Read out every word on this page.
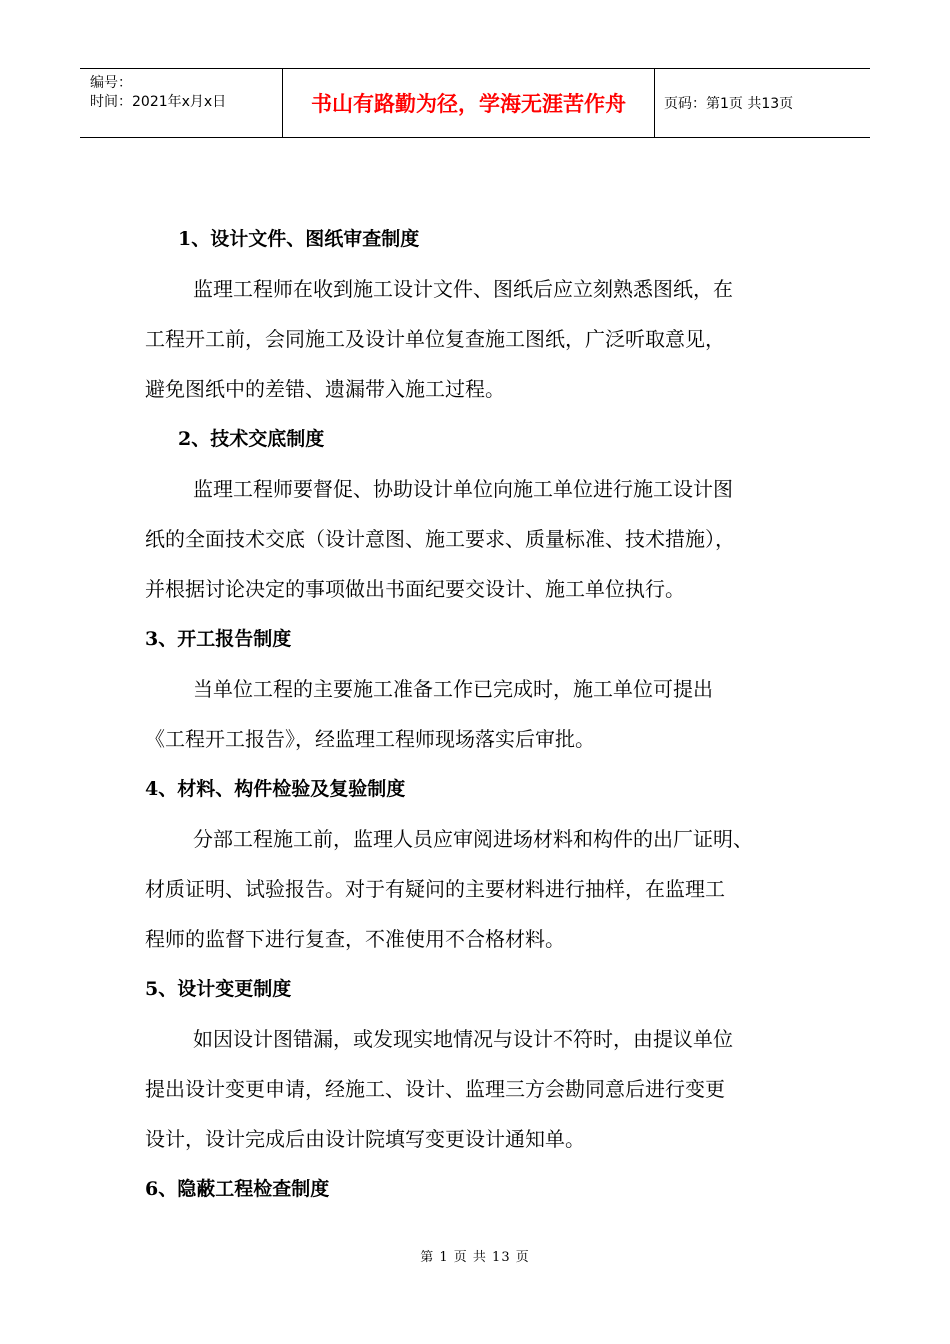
编号：
时间：2021年x月x日	书山有路勤为径，学海无涯苦作舟	页码：第1页 共13页
1、设计文件、图纸审查制度
监理工程师在收到施工设计文件、图纸后应立刻熟悉图纸，在
工程开工前，会同施工及设计单位复查施工图纸，广泛听取意见，
避免图纸中的差错、遗漏带入施工过程。
2、技术交底制度
监理工程师要督促、协助设计单位向施工单位进行施工设计图
纸的全面技术交底（设计意图、施工要求、质量标准、技术措施），
并根据讨论决定的事项做出书面纪要交设计、施工单位执行。
3、开工报告制度
当单位工程的主要施工准备工作已完成时，施工单位可提出
《工程开工报告》，经监理工程师现场落实后审批。
4、材料、构件检验及复验制度
分部工程施工前，监理人员应审阅进场材料和构件的出厂证明、
材质证明、试验报告。对于有疑问的主要材料进行抽样，在监理工
程师的监督下进行复查，不准使用不合格材料。
5、设计变更制度
如因设计图错漏，或发现实地情况与设计不符时，由提议单位
提出设计变更申请，经施工、设计、监理三方会勘同意后进行变更
设计，设计完成后由设计院填写变更设计通知单。
6、隐蔽工程检查制度
第 1 页 共 13 页
